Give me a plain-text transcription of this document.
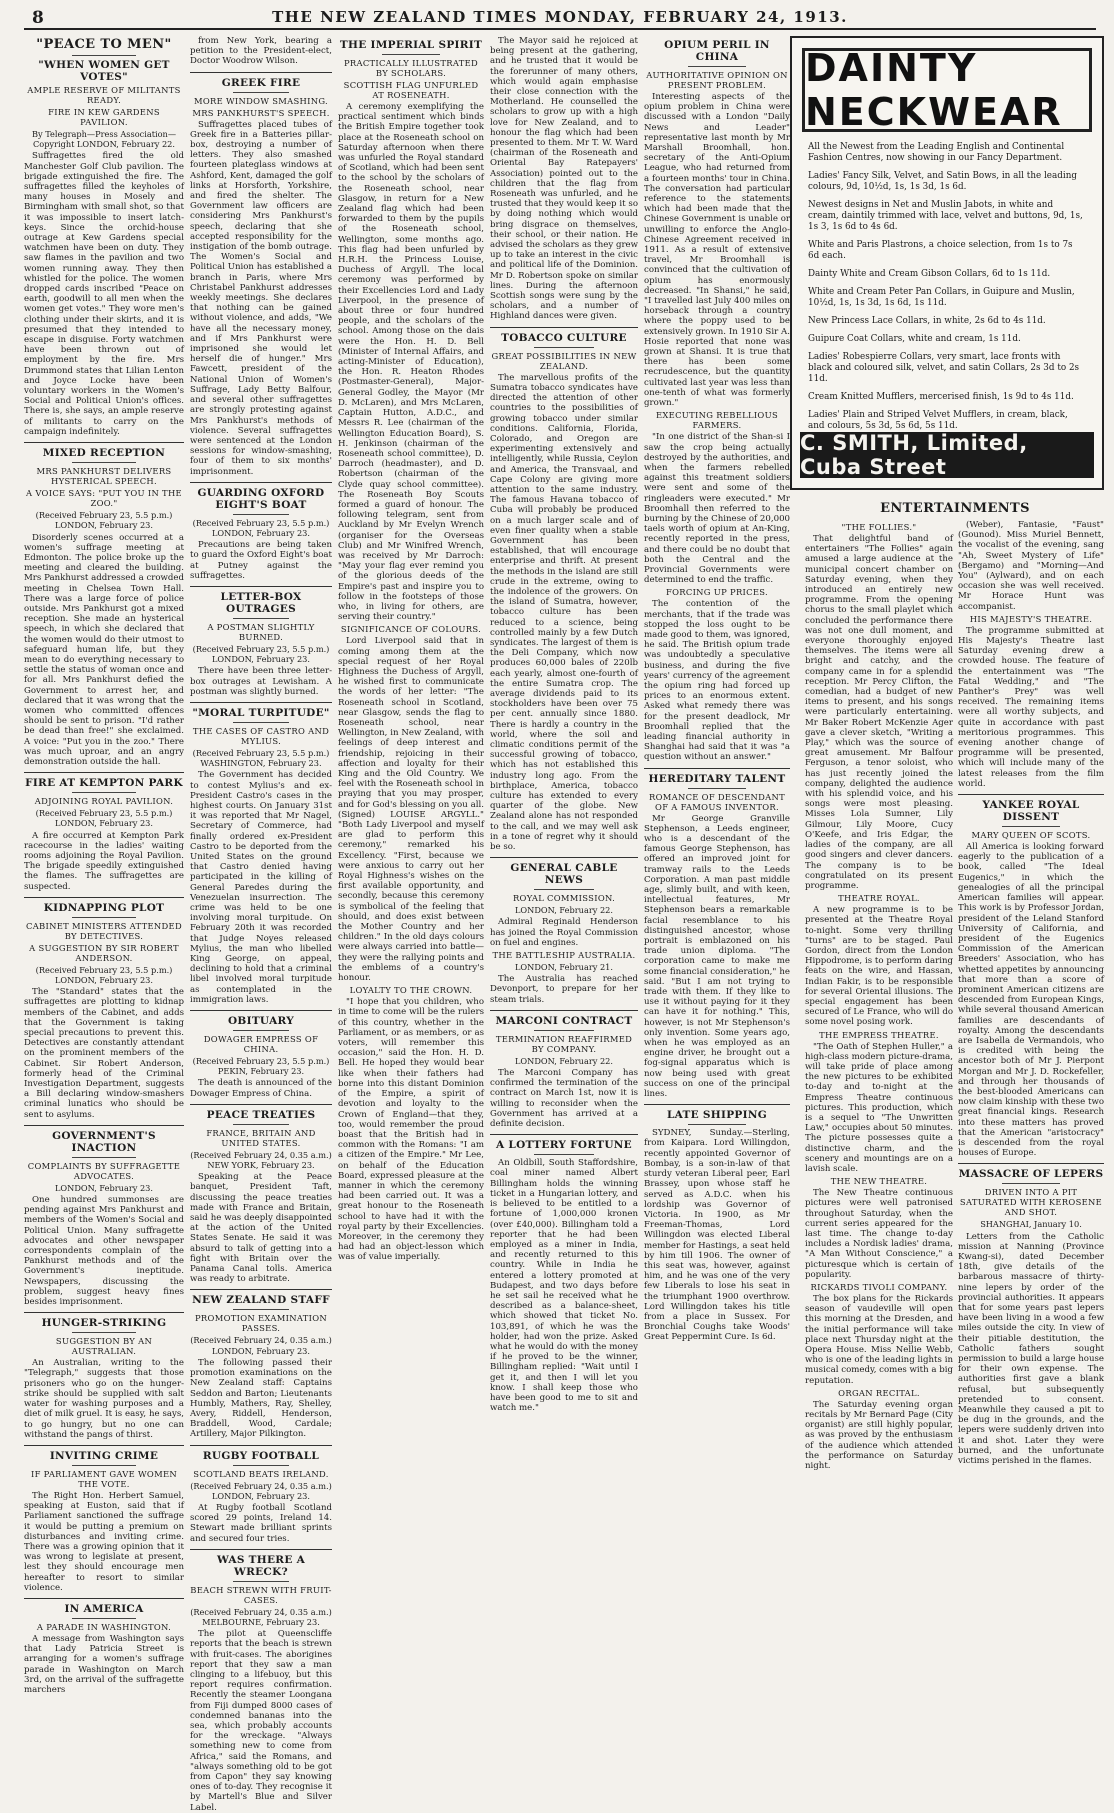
8	THE NEW ZEALAND TIMES MONDAY, FEBRUARY 24, 1913.
"PEACE TO MEN"
"WHEN WOMEN GET VOTES"
AMPLE RESERVE OF MILITANTS READY.
FIRE IN KEW GARDENS PAVILION.
By Telegraph—Press Association—Copyright LONDON, February 22.
Suffragettes fired the old Manchester Golf Club pavilion. The brigade extinguished the fire. The suffragettes filled the keyholes of many houses in Mosely and Birmingham with small shot, so that it was impossible to insert latch-keys. Since the orchid-house outrage at Kew Gardens special watchmen have been on duty. They saw flames in the pavilion and two women running away. They then whistled for the police. The women dropped cards inscribed "Peace on earth, goodwill to all men when the women get votes." They wore men's clothing under their skirts, and it is presumed that they intended to escape in disguise. Forty watchmen have been thrown out of employment by the fire. Mrs Drummond states that Lilian Lenton and Joyce Locke have been voluntary workers in the Women's Social and Political Union's offices. There is, she says, an ample reserve of militants to carry on the campaign indefinitely.
MIXED RECEPTION
MRS PANKHURST DELIVERS HYSTERICAL SPEECH.
A VOICE SAYS: "PUT YOU IN THE ZOO."
(Received February 23, 5.5 p.m.) LONDON, February 23.
Disorderly scenes occurred at a women's suffrage meeting at Edmonton. The police broke up the meeting and cleared the building. Mrs Pankhurst addressed a crowded meeting in Chelsea Town Hall. There was a large force of police outside. Mrs Pankhurst got a mixed reception. She made an hysterical speech, in which she declared that the women would do their utmost to safeguard human life, but they mean to do everything necessary to settle the status of woman once and for all. Mrs Pankhurst defied the Government to arrest her, and declared that it was wrong that the women who committed offences should be sent to prison. "I'd rather be dead than free!" she exclaimed. A voice: "Put you in the zoo." There was much uproar, and an angry demonstration outside the hall.
FIRE AT KEMPTON PARK
ADJOINING ROYAL PAVILION.
(Received February 23, 5.5 p.m.) LONDON, February 23.
A fire occurred at Kempton Park racecourse in the ladies' waiting rooms adjoining the Royal Pavilion. The brigade speedily extinguished the flames. The suffragettes are suspected.
KIDNAPPING PLOT
CABINET MINISTERS ATTENDED BY DETECTIVES.
A SUGGESTION BY SIR ROBERT ANDERSON.
(Received February 23, 5.5 p.m.) LONDON, February 23.
The "Standard" states that the suffragettes are plotting to kidnap members of the Cabinet, and adds that the Government is taking special precautions to prevent this. Detectives are constantly attendant on the prominent members of the Cabinet. Sir Robert Anderson, formerly head of the Criminal Investigation Department, suggests a Bill declaring window-smashers criminal lunatics who should be sent to asylums.
GOVERNMENT'S INACTION
COMPLAINTS BY SUFFRAGETTE ADVOCATES.
LONDON, February 23.
One hundred summonses are pending against Mrs Pankhurst and members of the Women's Social and Political Union. Many suffragette advocates and other newspaper correspondents complain of the Pankhurst methods and of the Government's ineptitude. Newspapers, discussing the problem, suggest heavy fines besides imprisonment.
HUNGER-STRIKING
SUGGESTION BY AN AUSTRALIAN.
An Australian, writing to the "Telegraph," suggests that those prisoners who go on the hunger-strike should be supplied with salt water for washing purposes and a diet of milk gruel. It is easy, he says, to go hungry, but no one can withstand the pangs of thirst.
INVITING CRIME
IF PARLIAMENT GAVE WOMEN THE VOTE.
The Right Hon. Herbert Samuel, speaking at Euston, said that if Parliament sanctioned the suffrage it would be putting a premium on disturbances and inviting crime. There was a growing opinion that it was wrong to legislate at present, lest they should encourage men hereafter to resort to similar violence.
IN AMERICA
A PARADE IN WASHINGTON.
A message from Washington says that Lady Patricia Street is arranging for a women's suffrage parade in Washington on March 3rd, on the arrival of the suffragette marchers
from New York, bearing a petition to the President-elect, Doctor Woodrow Wilson.
GREEK FIRE
MORE WINDOW SMASHING.
MRS PANKHURST'S SPEECH.
Suffragettes placed tubes of Greek fire in a Batteries pillar-box, destroying a number of letters. They also smashed fourteen plateglass windows at Ashford, Kent, damaged the golf links at Horsforth, Yorkshire, and fired the shelter. The Government law officers are considering Mrs Pankhurst's speech, declaring that she accepted responsibility for the instigation of the bomb outrage. The Women's Social and Political Union has established a branch in Paris, where Mrs Christabel Pankhurst addresses weekly meetings. She declares that nothing can be gained without violence, and adds, "We have all the necessary money, and if Mrs Pankhurst were imprisoned she would let herself die of hunger." Mrs Fawcett, president of the National Union of Women's Suffrage, Lady Betty Balfour, and several other suffragettes are strongly protesting against Mrs Pankhurst's methods of violence. Several suffragettes were sentenced at the London sessions for window-smashing, four of them to six months' imprisonment.
GUARDING OXFORD EIGHT'S BOAT
(Received February 23, 5.5 p.m.) LONDON, February 23.
Precautions are being taken to guard the Oxford Eight's boat at Putney against the suffragettes.
LETTER-BOX OUTRAGES
A POSTMAN SLIGHTLY BURNED.
(Received February 23, 5.5 p.m.) LONDON, February 23.
There have been three letter-box outrages at Lewisham. A postman was slightly burned.
"MORAL TURPITUDE"
THE CASES OF CASTRO AND MYLIUS.
(Received February 23, 5.5 p.m.) WASHINGTON, February 23.
The Government has decided to contest Mylius's and ex-President Castro's cases in the highest courts. On January 31st it was reported that Mr Nagel, Secretary of Commerce, had finally ordered ex-President Castro to be deported from the United States on the ground that Castro denied having participated in the killing of General Paredes during the Venezuelan insurrection. The crime was held to be one involving moral turpitude. On February 20th it was recorded that Judge Noyes released Mylius, the man who libelled King George, on appeal, declining to hold that a criminal libel involved moral turpitude as contemplated in the immigration laws.
OBITUARY
DOWAGER EMPRESS OF CHINA.
(Received February 23, 5.5 p.m.) PEKIN, February 23.
The death is announced of the Dowager Empress of China.
PEACE TREATIES
FRANCE, BRITAIN AND UNITED STATES.
(Received February 24, 0.35 a.m.) NEW YORK, February 23.
Speaking at the Peace banquet, President Taft, discussing the peace treaties made with France and Britain, said he was deeply disappointed at the action of the United States Senate. He said it was absurd to talk of getting into a fight with Britain over the Panama Canal tolls. America was ready to arbitrate.
NEW ZEALAND STAFF
PROMOTION EXAMINATION PASSES.
(Received February 24, 0.35 a.m.) LONDON, February 23.
The following passed their promotion examinations on the New Zealand staff: Captains Seddon and Barton; Lieutenants Humbly, Mathers, Ray, Shelley, Avery, Riddell, Henderson, Braddell, Wood, Cardale; Artillery, Major Pilkington.
RUGBY FOOTBALL
SCOTLAND BEATS IRELAND.
(Received February 24, 0.35 a.m.) LONDON, February 23.
At Rugby football Scotland scored 29 points, Ireland 14. Stewart made brilliant sprints and secured four tries.
WAS THERE A WRECK?
BEACH STREWN WITH FRUIT-CASES.
(Received February 24, 0.35 a.m.) MELBOURNE, February 23.
The pilot at Queenscliffe reports that the beach is strewn with fruit-cases. The aborigines report that they saw a man clinging to a lifebuoy, but this report requires confirmation. Recently the steamer Loongana from Fiji dumped 8000 cases of condemned bananas into the sea, which probably accounts for the wreckage. "Always something new to come from Africa," said the Romans, and "always something old to be got from Capon" they say knowing ones of to-day. They recognise it by Martell's Blue and Silver Label.
THE IMPERIAL SPIRIT
PRACTICALLY ILLUSTRATED BY SCHOLARS.
SCOTTISH FLAG UNFURLED AT ROSENEATH.
A ceremony exemplifying the practical sentiment which binds the British Empire together took place at the Roseneath school on Saturday afternoon when there was unfurled the Royal standard of Scotland, which had been sent to the school by the scholars of the Roseneath school, near Glasgow, in return for a New Zealand flag which had been forwarded to them by the pupils of the Roseneath school, Wellington, some months ago. This flag had been unfurled by H.R.H. the Princess Louise, Duchess of Argyll. The local ceremony was performed by their Excellencies Lord and Lady Liverpool, in the presence of about three or four hundred people, and the scholars of the school. Among those on the dais were the Hon. H. D. Bell (Minister of Internal Affairs, and acting-Minister of Education), the Hon. R. Heaton Rhodes (Postmaster-General), Major-General Godley, the Mayor (Mr D. McLaren), and Mrs McLaren, Captain Hutton, A.D.C., and Messrs R. Lee (chairman of the Wellington Education Board), S. H. Jenkinson (chairman of the Roseneath school committee), D. Darroch (headmaster), and D. Robertson (chairman of the Clyde quay school committee). The Roseneath Boy Scouts formed a guard of honour. The following telegram, sent from Auckland by Mr Evelyn Wrench (organiser for the Overseas Club) and Mr Winifred Wrench, was received by Mr Darroch: "May your flag ever remind you of the glorious deeds of the Empire's past and inspire you to follow in the footsteps of those who, in living for others, are serving their country."
SIGNIFICANCE OF COLOURS.
Lord Liverpool said that in coming among them at the special request of her Royal Highness the Duchess of Argyll, he wished first to communicate the words of her letter: "The Roseneath school in Scotland, near Glasgow, sends the flag to Roseneath school, near Wellington, in New Zealand, with feelings of deep interest and friendship, rejoicing in their affection and loyalty for their King and the Old Country. We feel with the Roseneath school in praying that you may prosper, and for God's blessing on you all. (Signed) LOUISE ARGYLL." "Both Lady Liverpool and myself are glad to perform this ceremony," remarked his Excellency. "First, because we were anxious to carry out her Royal Highness's wishes on the first available opportunity, and secondly, because this ceremony is symbolical of the feeling that should, and does exist between the Mother Country and her children." In the old days colours were always carried into battle—they were the rallying points and the emblems of a country's honour.
LOYALTY TO THE CROWN.
"I hope that you children, who in time to come will be the rulers of this country, whether in the Parliament, or as members, or as voters, will remember this occasion," said the Hon. H. D. Bell. He hoped they would bear like when their fathers had borne into this distant Dominion of the Empire, a spirit of devotion and loyalty to the Crown of England—that they, too, would remember the proud boast that the British had in common with the Romans: "I am a citizen of the Empire." Mr Lee, on behalf of the Education Board, expressed pleasure at the manner in which the ceremony had been carried out. It was a great honour to the Roseneath school to have had it with the royal party by their Excellencies. Moreover, in the ceremony they had had an object-lesson which was of value imperially.
The Mayor said he rejoiced at being present at the gathering, and he trusted that it would be the forerunner of many others, which would again emphasise their close connection with the Motherland. He counselled the scholars to grow up with a high love for New Zealand, and to honour the flag which had been presented to them. Mr T. W. Ward (chairman of the Roseneath and Oriental Bay Ratepayers' Association) pointed out to the children that the flag from Roseneath was unfurled, and he trusted that they would keep it so by doing nothing which would bring disgrace on themselves, their school, or their nation. He advised the scholars as they grew up to take an interest in the civic and political life of the Dominion. Mr D. Robertson spoke on similar lines. During the afternoon Scottish songs were sung by the scholars, and a number of Highland dances were given.
TOBACCO CULTURE
GREAT POSSIBILITIES IN NEW ZEALAND.
The marvellous profits of the Sumatra tobacco syndicates have directed the attention of other countries to the possibilities of growing tobacco under similar conditions. California, Florida, Colorado, and Oregon are experimenting extensively and intelligently, while Russia, Ceylon and America, the Transvaal, and Cape Colony are giving more attention to the same industry. The famous Havana tobacco of Cuba will probably be produced on a much larger scale and of even finer quality when a stable Government has been established, that will encourage enterprise and thrift. At present the methods in the island are still crude in the extreme, owing to the indolence of the growers. On the island of Sumatra, however, tobacco culture has been reduced to a science, being controlled mainly by a few Dutch syndicates. The largest of them is the Deli Company, which now produces 60,000 bales of 220lb each yearly, almost one-fourth of the entire Sumatra crop. The average dividends paid to its stockholders have been over 75 per cent. annually since 1880. There is hardly a country in the world, where the soil and climatic conditions permit of the successful growing of tobacco, which has not established this industry long ago. From the birthplace, America, tobacco culture has extended to every quarter of the globe. New Zealand alone has not responded to the call, and we may well ask in a tone of regret why it should be so.
GENERAL CABLE NEWS
ROYAL COMMISSION.
LONDON, February 22.
Admiral Reginald Henderson has joined the Royal Commission on fuel and engines.
THE BATTLESHIP AUSTRALIA.
LONDON, February 21.
The Australia has reached Devonport, to prepare for her steam trials.
MARCONI CONTRACT
TERMINATION REAFFIRMED BY COMPANY.
LONDON, February 22.
The Marconi Company has confirmed the termination of the contract on March 1st, now it is willing to reconsider when the Government has arrived at a definite decision.
A LOTTERY FORTUNE
An Oldbill, South Staffordshire, coal miner named Albert Billingham holds the winning ticket in a Hungarian lottery, and is believed to be entitled to a fortune of 1,000,000 kronen (over £40,000). Billingham told a reporter that he had been employed as a miner in India, and recently returned to this country. While in India he entered a lottery promoted at Budapest, and two days before he set sail he received what he described as a balance-sheet, which showed that ticket No. 103,891, of which he was the holder, had won the prize. Asked what he would do with the money if he proved to be the winner, Billingham replied: "Wait until I get it, and then I will let you know. I shall keep those who have been good to me to sit and watch me."
OPIUM PERIL IN CHINA
AUTHORITATIVE OPINION ON PRESENT PROBLEM.
Interesting aspects of the opium problem in China were discussed with a London "Daily News and Leader" representative last month by Mr Marshall Broomhall, hon. secretary of the Anti-Opium League, who had returned from a fourteen months' tour in China. The conversation had particular reference to the statements which had been made that the Chinese Government is unable or unwilling to enforce the Anglo-Chinese Agreement received in 1911. As a result of extensive travel, Mr Broomhall is convinced that the cultivation of opium has enormously decreased. "In Shansi," he said, "I travelled last July 400 miles on horseback through a country where the poppy used to be extensively grown. In 1910 Sir A. Hosie reported that none was grown at Shansi. It is true that there has been some recrudescence, but the quantity cultivated last year was less than one-tenth of what was formerly grown."
EXECUTING REBELLIOUS FARMERS.
"In one district of the Shan-si I saw the crop being actually destroyed by the authorities, and when the farmers rebelled against this treatment soldiers were sent and some of the ringleaders were executed." Mr Broomhall then referred to the burning by the Chinese of 20,000 taels worth of opium at An-King, recently reported in the press, and there could be no doubt that both the Central and the Provincial Governments were determined to end the traffic.
FORCING UP PRICES.
The contention of the merchants, that if the trade was stopped the loss ought to be made good to them, was ignored, he said. The British opium trade was undoubtedly a speculative business, and during the five years' currency of the agreement the opium ring had forced up prices to an enormous extent. Asked what remedy there was for the present deadlock, Mr Broomhall replied that the leading financial authority in Shanghai had said that it was "a question without an answer."
HEREDITARY TALENT
ROMANCE OF DESCENDANT OF A FAMOUS INVENTOR.
Mr George Granville Stephenson, a Leeds engineer, who is a descendant of the famous George Stephenson, has offered an improved joint for tramway rails to the Leeds Corporation. A man past middle age, slimly built, and with keen, intellectual features, Mr Stephenson bears a remarkable facial resemblance to his distinguished ancestor, whose portrait is emblazoned on his trade union diploma. "The corporation came to make me some financial consideration," he said. "But I am not trying to trade with them. If they like to use it without paying for it they can have it for nothing." This, however, is not Mr Stephenson's only invention. Some years ago, when he was employed as an engine driver, he brought out a fog-signal apparatus which is now being used with great success on one of the principal lines.
LATE SHIPPING
SYDNEY, Sunday.—Sterling, from Kaipara. Lord Willingdon, recently appointed Governor of Bombay, is a son-in-law of that sturdy veteran Liberal peer, Earl Brassey, upon whose staff he served as A.D.C. when his lordship was Governor of Victoria. In 1900, as Mr Freeman-Thomas, Lord Willingdon was elected Liberal member for Hastings, a seat held by him till 1906. The owner of this seat was, however, against him, and he was one of the very few Liberals to lose his seat in the triumphant 1900 overthrow. Lord Willingdon takes his title from a place in Sussex. For Bronchial Coughs take Woods' Great Peppermint Cure. Is 6d.
DAINTY NECKWEAR
All the Newest from the Leading English and Continental Fashion Centres, now showing in our Fancy Department.
Ladies' Fancy Silk, Velvet, and Satin Bows, in all the leading colours, 9d, 10½d, 1s, 1s 3d, 1s 6d.
Newest designs in Net and Muslin Jabots, in white and cream, daintily trimmed with lace, velvet and buttons, 9d, 1s, 1s 3, 1s 6d to 4s 6d.
White and Paris Plastrons, a choice selection, from 1s to 7s 6d each.
Dainty White and Cream Gibson Collars, 6d to 1s 11d.
White and Cream Peter Pan Collars, in Guipure and Muslin, 10½d, 1s, 1s 3d, 1s 6d, 1s 11d.
New Princess Lace Collars, in white, 2s 6d to 4s 11d.
Guipure Coat Collars, white and cream, 1s 11d.
Ladies' Robespierre Collars, very smart, lace fronts with black and coloured silk, velvet, and satin Collars, 2s 3d to 2s 11d.
Cream Knitted Mufflers, mercerised finish, 1s 9d to 4s 11d.
Ladies' Plain and Striped Velvet Mufflers, in cream, black, and colours, 5s 3d, 5s 6d, 5s 11d.
C. SMITH, Limited, Cuba Street
ENTERTAINMENTS
"THE FOLLIES."
That delightful band of entertainers "The Follies" again amused a large audience at the municipal concert chamber on Saturday evening, when they introduced an entirely new programme. From the opening chorus to the small playlet which concluded the performance there was not one dull moment, and everyone thoroughly enjoyed themselves. The items were all bright and catchy, and the company came in for a splendid reception. Mr Percy Clifton, the comedian, had a budget of new items to present, and his songs were particularly entertaining. Mr Baker Robert McKenzie Ager gave a clever sketch, "Writing a Play," which was the source of great amusement. Mr Balfour Ferguson, a tenor soloist, who has just recently joined the company, delighted the audience with his splendid voice, and his songs were most pleasing. Misses Lola Sumner, Lily Gilmour, Lily Moore, Cucy O'Keefe, and Iris Edgar, the ladies of the company, are all good singers and clever dancers. The company is to be congratulated on its present programme.
THEATRE ROYAL.
A new programme is to be presented at the Theatre Royal to-night. Some very thrilling "turns" are to be staged. Paul Gordon, direct from the London Hippodrome, is to perform daring feats on the wire, and Hassan, Indian Fakir, is to be responsible for several Oriental illusions. The special engagement has been secured of Le France, who will do some novel posing work.
THE EMPRESS THEATRE.
"The Oath of Stephen Huller," a high-class modern picture-drama, will take pride of place among the new pictures to be exhibited to-day and to-night at the Empress Theatre continuous pictures. This production, which is a sequel to "The Unwritten Law," occupies about 50 minutes. The picture possesses quite a distinctive charm, and the scenery and mountings are on a lavish scale.
THE NEW THEATRE.
The New Theatre continuous pictures were well patronised throughout Saturday, when the current series appeared for the last time. The change to-day includes a Nordisk ladies' drama, "A Man Without Conscience," a picturesque which is certain of popularity.
RICKARDS TIVOLI COMPANY.
The box plans for the Rickards season of vaudeville will open this morning at the Dresden, and the initial performance will take place next Thursday night at the Opera House. Miss Nellie Webb, who is one of the leading lights in musical comedy, comes with a big reputation.
ORGAN RECITAL.
The Saturday evening organ recitals by Mr Bernard Page (City organist) are still highly popular, as was proved by the enthusiasm of the audience which attended the performance on Saturday night.
(Weber), Fantasie, "Faust" (Gounod). Miss Muriel Bennett, the vocalist of the evening, sang "Ah, Sweet Mystery of Life" (Bergamo) and "Morning—And You" (Aylward), and on each occasion she was well received. Mr Horace Hunt was accompanist.
HIS MAJESTY'S THEATRE.
The programme submitted at His Majesty's Theatre last Saturday evening drew a crowded house. The feature of the entertainment was "The Fatal Wedding," and "The Panther's Prey" was well received. The remaining items were all worthy subjects, and quite in accordance with past meritorious programmes. This evening another change of programme will be presented, which will include many of the latest releases from the film world.
YANKEE ROYAL DISSENT
MARY QUEEN OF SCOTS.
All America is looking forward eagerly to the publication of a book, called "The Ideal Eugenics," in which the genealogies of all the principal American families will appear. This work is by Professor Jordan, president of the Leland Stanford University of California, and president of the Eugenics Commission of the American Breeders' Association, who has whetted appetites by announcing that more than a score of prominent American citizens are descended from European Kings, while several thousand American families are descendants of royalty. Among the descendants are Isabella de Vermandois, who is credited with being the ancestor both of Mr J. Pierpont Morgan and Mr J. D. Rockefeller, and through her thousands of the best-blooded Americans can now claim kinship with these two great financial kings. Research into these matters has proved that the American "aristocracy" is descended from the royal houses of Europe.
MASSACRE OF LEPERS
DRIVEN INTO A PIT SATURATED WITH KEROSENE AND SHOT.
SHANGHAI, January 10.
Letters from the Catholic mission at Nanning (Province Kwang-si), dated December 18th, give details of the barbarous massacre of thirty-nine lepers by order of the provincial authorities. It appears that for some years past lepers have been living in a wood a few miles outside the city. In view of their pitiable destitution, the Catholic fathers sought permission to build a large house for their own expense. The authorities first gave a blank refusal, but subsequently pretended to consent. Meanwhile they caused a pit to be dug in the grounds, and the lepers were suddenly driven into it and shot. Later they were burned, and the unfortunate victims perished in the flames.
